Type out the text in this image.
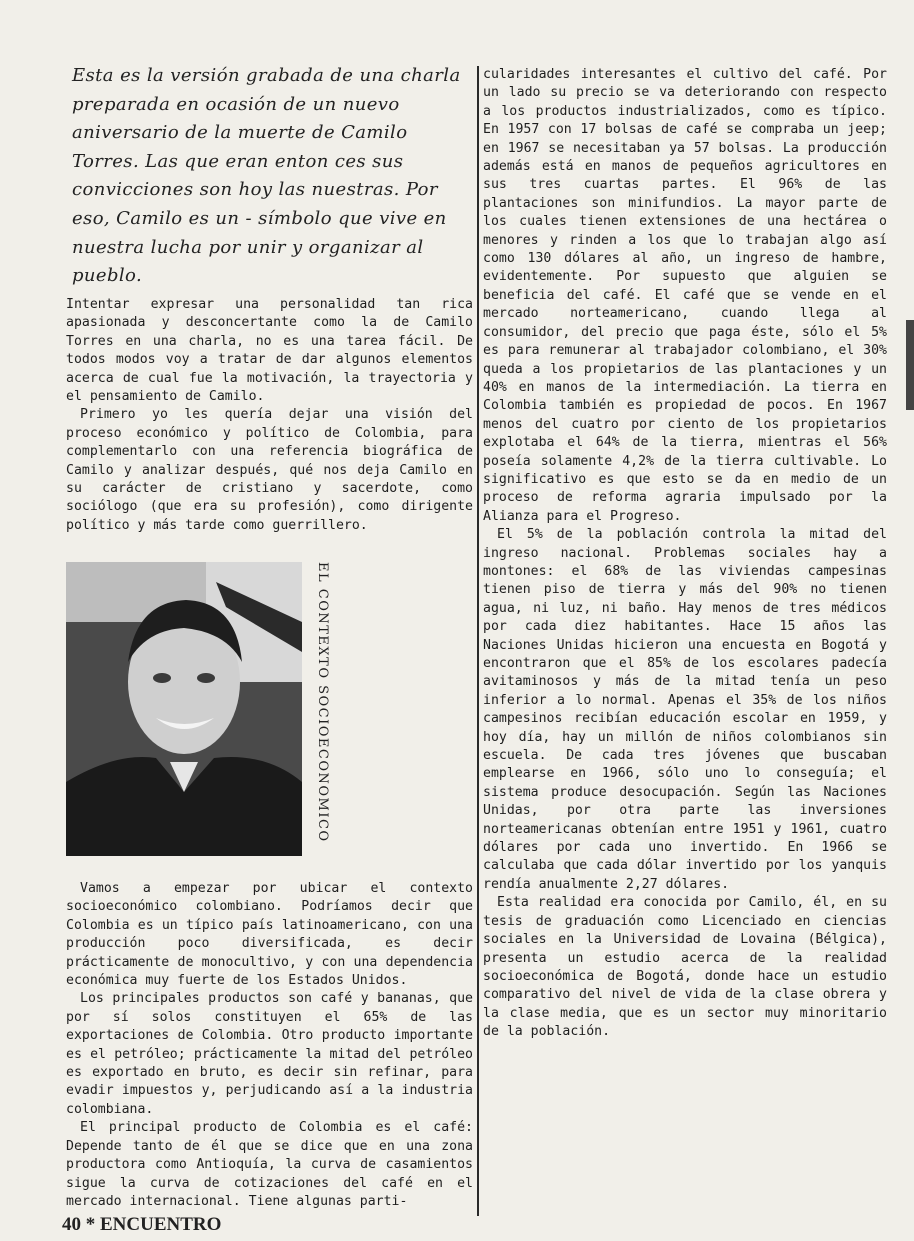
Esta es la versión grabada de una charla preparada en ocasión de un nuevo aniversario de la muerte de Camilo Torres. Las que eran enton ces sus convicciones son hoy las nuestras. Por eso, Camilo es un - símbolo que vive en nuestra lucha por unir y organizar al pueblo.

Intentar expresar una personalidad tan rica apasionada y desconcertante como la de Camilo Torres en una charla, no es una tarea fácil. De todos modos voy a tratar de dar algunos elementos acerca de cual fue la motivación, la trayectoria y el pensamiento de Camilo.

Primero yo les quería dejar una visión del proceso económico y político de Colombia, para complementarlo con una referencia biográfica de Camilo y analizar después, qué nos deja Camilo en su carácter de cristiano y sacerdote, como sociólogo (que era su profesión), como dirigente político y más tarde como guerrillero.

EL CONTEXTO SOCIOECONOMICO

Vamos a empezar por ubicar el contexto socioeconómico colombiano. Podríamos decir que Colombia es un típico país latinoamericano, con una producción poco diversificada, es decir prácticamente de monocultivo, y con una dependencia económica muy fuerte de los Estados Unidos.

Los principales productos son café y bananas, que por sí solos constituyen el 65% de las exportaciones de Colombia. Otro producto importante es el petróleo; prácticamente la mitad del petróleo es exportado en bruto, es decir sin refinar, para evadir impuestos y, perjudicando así a la industria colombiana.

El principal producto de Colombia es el café: Depende tanto de él que se dice que en una zona productora como Antioquía, la curva de casamientos sigue la curva de cotizaciones del café en el mercado internacional. Tiene algunas parti-

cularidades interesantes el cultivo del café. Por un lado su precio se va deteriorando con respecto a los productos industrializados, como es típico. En 1957 con 17 bolsas de café se compraba un jeep; en 1967 se necesitaban ya 57 bolsas. La producción además está en manos de pequeños agricultores en sus tres cuartas partes. El 96% de las plantaciones son minifundios. La mayor parte de los cuales tienen extensiones de una hectárea o menores y rinden a los que lo trabajan algo así como 130 dólares al año, un ingreso de hambre, evidentemente. Por supuesto que alguien se beneficia del café. El café que se vende en el mercado norteamericano, cuando llega al consumidor, del precio que paga éste, sólo el 5% es para remunerar al trabajador colombiano, el 30% queda a los propietarios de las plantaciones y un 40% en manos de la intermediación. La tierra en Colombia también es propiedad de pocos. En 1967 menos del cuatro por ciento de los propietarios explotaba el 64% de la tierra, mientras el 56% poseía solamente 4,2% de la tierra cultivable. Lo significativo es que esto se da en medio de un proceso de reforma agraria impulsado por la Alianza para el Progreso.

El 5% de la población controla la mitad del ingreso nacional. Problemas sociales hay a montones: el 68% de las viviendas campesinas tienen piso de tierra y más del 90% no tienen agua, ni luz, ni baño. Hay menos de tres médicos por cada diez habitantes. Hace 15 años las Naciones Unidas hicieron una encuesta en Bogotá y encontraron que el 85% de los escolares padecía avitaminosos y más de la mitad tenía un peso inferior a lo normal. Apenas el 35% de los niños campesinos recibían educación escolar en 1959, y hoy día, hay un millón de niños colombianos sin escuela. De cada tres jóvenes que buscaban emplearse en 1966, sólo uno lo conseguía; el sistema produce desocupación. Según las Naciones Unidas, por otra parte las inversiones norteamericanas obtenían entre 1951 y 1961, cuatro dólares por cada uno invertido. En 1966 se calculaba que cada dólar invertido por los yanquis rendía anualmente 2,27 dólares.

Esta realidad era conocida por Camilo, él, en su tesis de graduación como Licenciado en ciencias sociales en la Universidad de Lovaina (Bélgica), presenta un estudio acerca de la realidad socioeconómica de Bogotá, donde hace un estudio comparativo del nivel de vida de la clase obrera y la clase media, que es un sector muy minoritario de la población.

40 * ENCUENTRO
